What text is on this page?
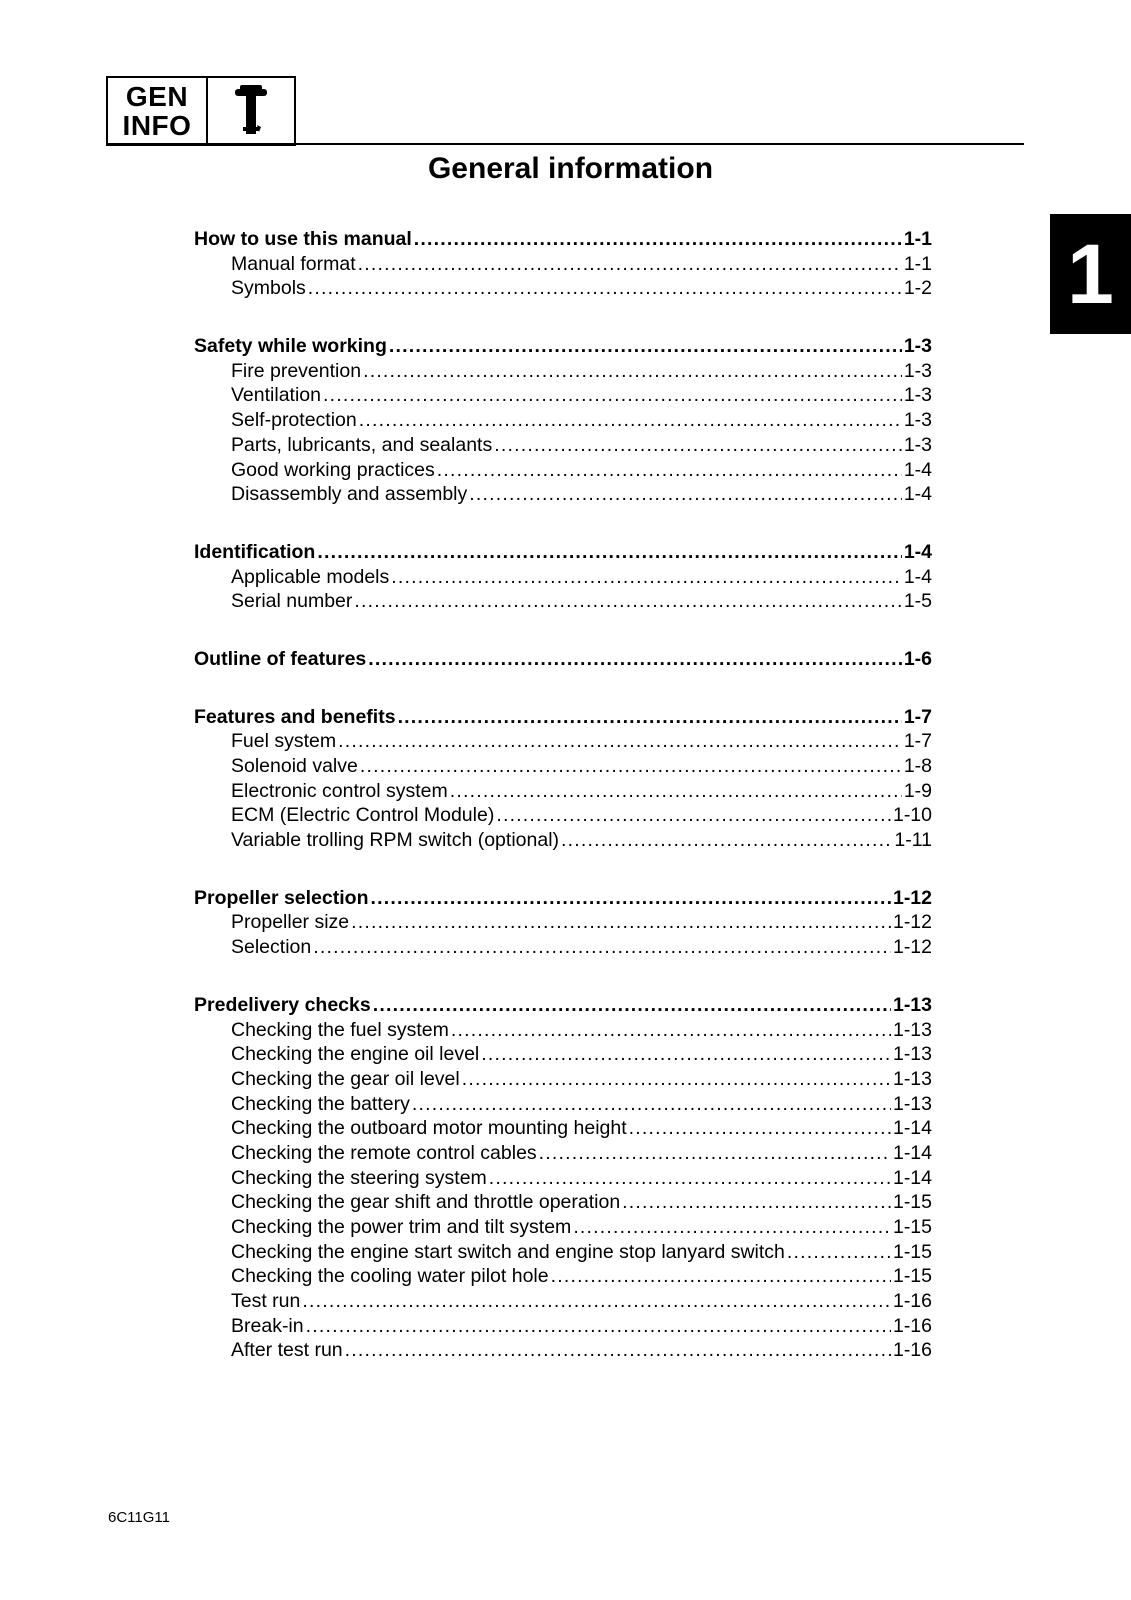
GEN
INFO
General information
1
How to use this manual .....	1-1
Manual format .....	1-1
Symbols .....	1-2
Safety while working .....	1-3
Fire prevention .....	1-3
Ventilation .....	1-3
Self-protection .....	1-3
Parts, lubricants, and sealants .....	1-3
Good working practices .....	1-4
Disassembly and assembly .....	1-4
Identification .....	1-4
Applicable models .....	1-4
Serial number .....	1-5
Outline of features .....	1-6
Features and benefits .....	1-7
Fuel system .....	1-7
Solenoid valve .....	1-8
Electronic control system .....	1-9
ECM (Electric Control Module) .....	1-10
Variable trolling RPM switch (optional) .....	1-11
Propeller selection .....	1-12
Propeller size .....	1-12
Selection .....	1-12
Predelivery checks .....	1-13
Checking the fuel system .....	1-13
Checking the engine oil level .....	1-13
Checking the gear oil level .....	1-13
Checking the battery .....	1-13
Checking the outboard motor mounting height .....	1-14
Checking the remote control cables .....	1-14
Checking the steering system .....	1-14
Checking the gear shift and throttle operation .....	1-15
Checking the power trim and tilt system .....	1-15
Checking the engine start switch and engine stop lanyard switch .....	1-15
Checking the cooling water pilot hole .....	1-15
Test run .....	1-16
Break-in .....	1-16
After test run .....	1-16
6C11G11
